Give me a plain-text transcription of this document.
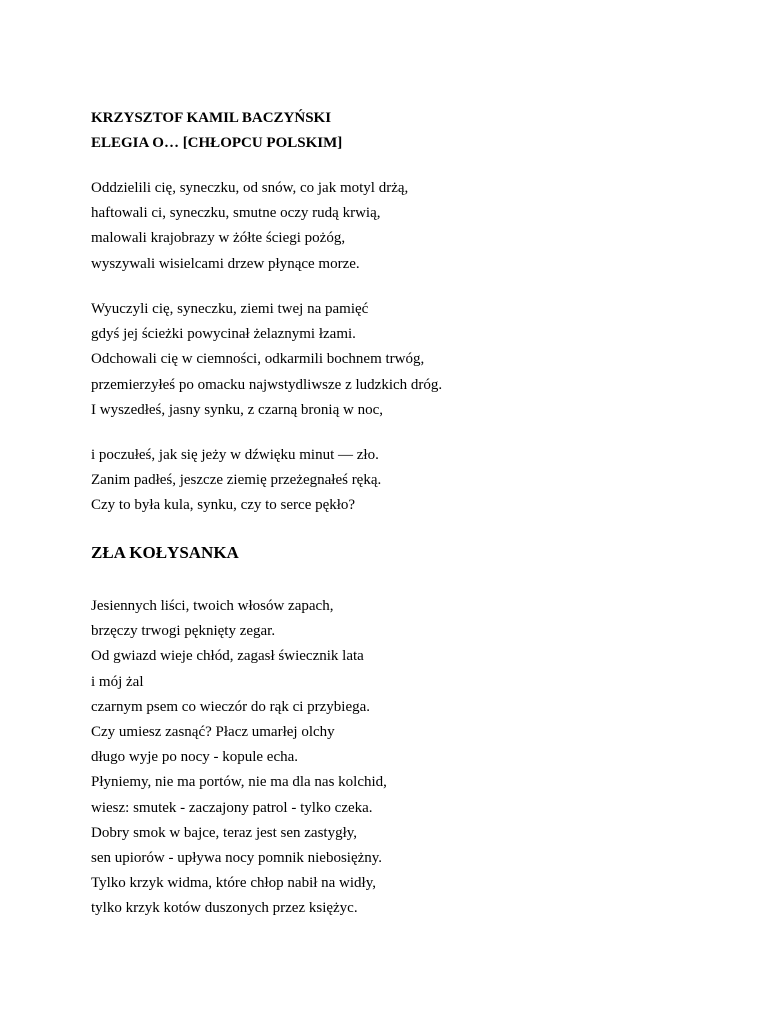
KRZYSZTOF KAMIL BACZYŃSKI
ELEGIA O… [CHŁOPCU POLSKIM]
Oddzielili cię, syneczku, od snów, co jak motyl drżą,
haftowali ci, syneczku, smutne oczy rudą krwią,
malowali krajobrazy w żółte ściegi pożóg,
wyszywali wisielcami drzew płynące morze.
Wyuczyli cię, syneczku, ziemi twej na pamięć
gdyś jej ścieżki powycinał żelaznymi łzami.
Odchowali cię w ciemności, odkarmili bochnem trwóg,
przemierzyłeś po omacku najwstydliwsze z ludzkich dróg.
I wyszedłeś, jasny synku, z czarną bronią w noc,
i poczułeś, jak się jeży w dźwięku minut — zło.
Zanim padłeś, jeszcze ziemię przeżegnałeś ręką.
Czy to była kula, synku, czy to serce pękło?
ZŁA KOŁYSANKA
Jesiennych liści, twoich włosów zapach,
brzęczy trwogi pęknięty zegar.
Od gwiazd wieje chłód, zagasł świecznik lata
i mój żal
czarnym psem co wieczór do rąk ci przybiega.
Czy umiesz zasnąć? Płacz umarłej olchy
długo wyje po nocy - kopule echa.
Płyniemy, nie ma portów, nie ma dla nas kolchid,
wiesz: smutek - zaczajony patrol - tylko czeka.
Dobry smok w bajce, teraz jest sen zastygły,
sen upiorów - upływa nocy pomnik niebosiężny.
Tylko krzyk widma, które chłop nabił na widły,
tylko krzyk kotów duszonych przez księżyc.
